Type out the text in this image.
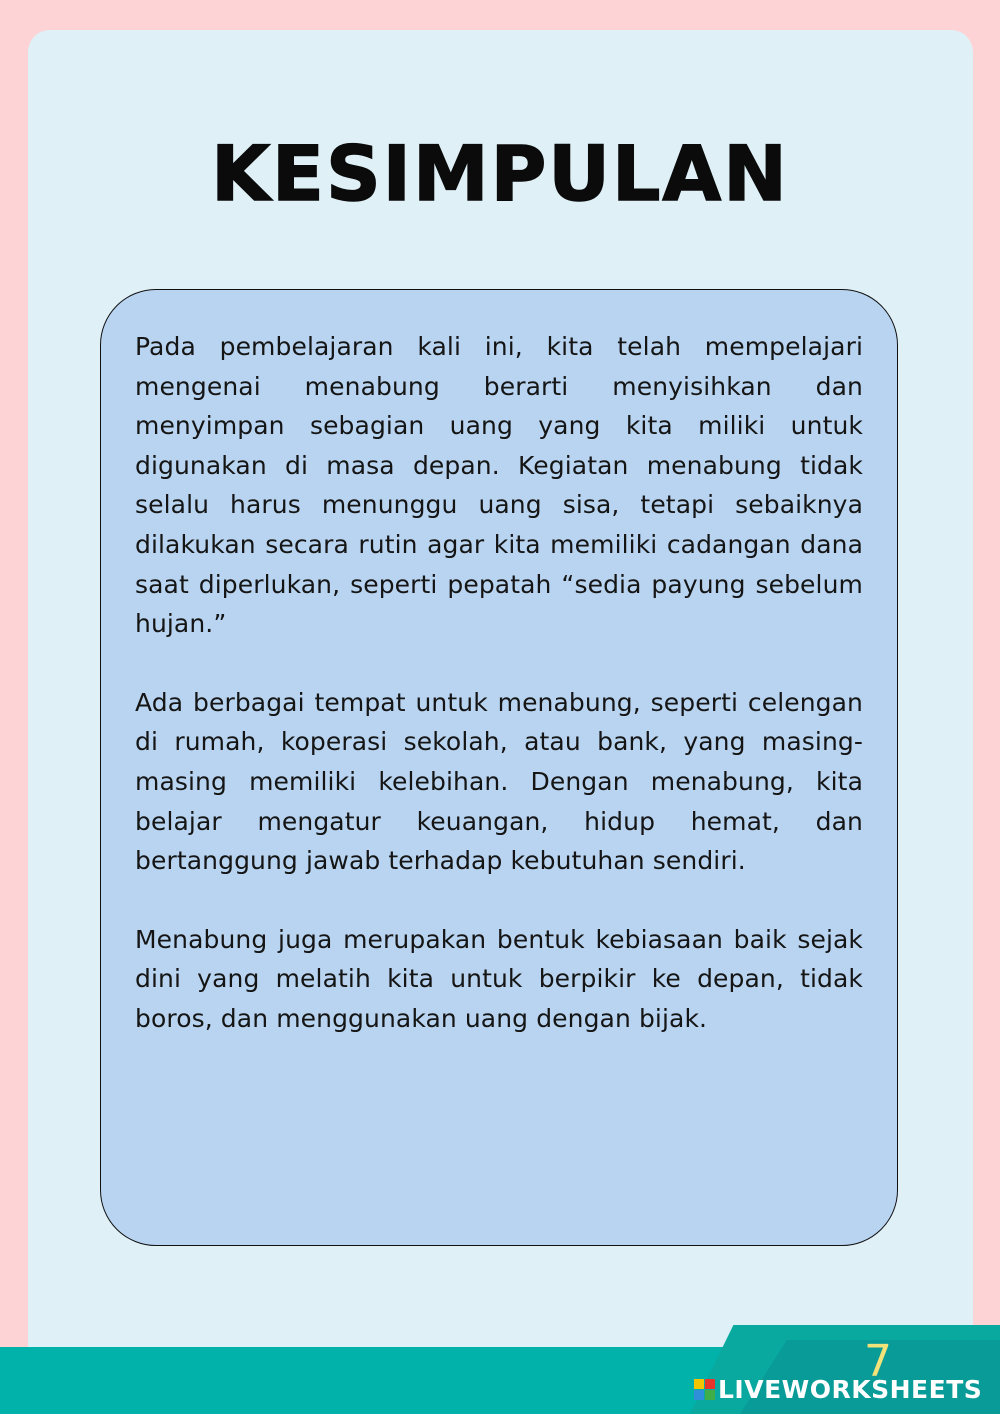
KESIMPULAN

Pada pembelajaran kali ini, kita telah mempelajari mengenai menabung berarti menyisihkan dan menyimpan sebagian uang yang kita miliki untuk digunakan di masa depan. Kegiatan menabung tidak selalu harus menunggu uang sisa, tetapi sebaiknya dilakukan secara rutin agar kita memiliki cadangan dana saat diperlukan, seperti pepatah “sedia payung sebelum hujan.”

Ada berbagai tempat untuk menabung, seperti celengan di rumah, koperasi sekolah, atau bank, yang masing-masing memiliki kelebihan. Dengan menabung, kita belajar mengatur keuangan, hidup hemat, dan bertanggung jawab terhadap kebutuhan sendiri.

Menabung juga merupakan bentuk kebiasaan baik sejak dini yang melatih kita untuk berpikir ke depan, tidak boros, dan menggunakan uang dengan bijak.

7
LIVEWORKSHEETS
